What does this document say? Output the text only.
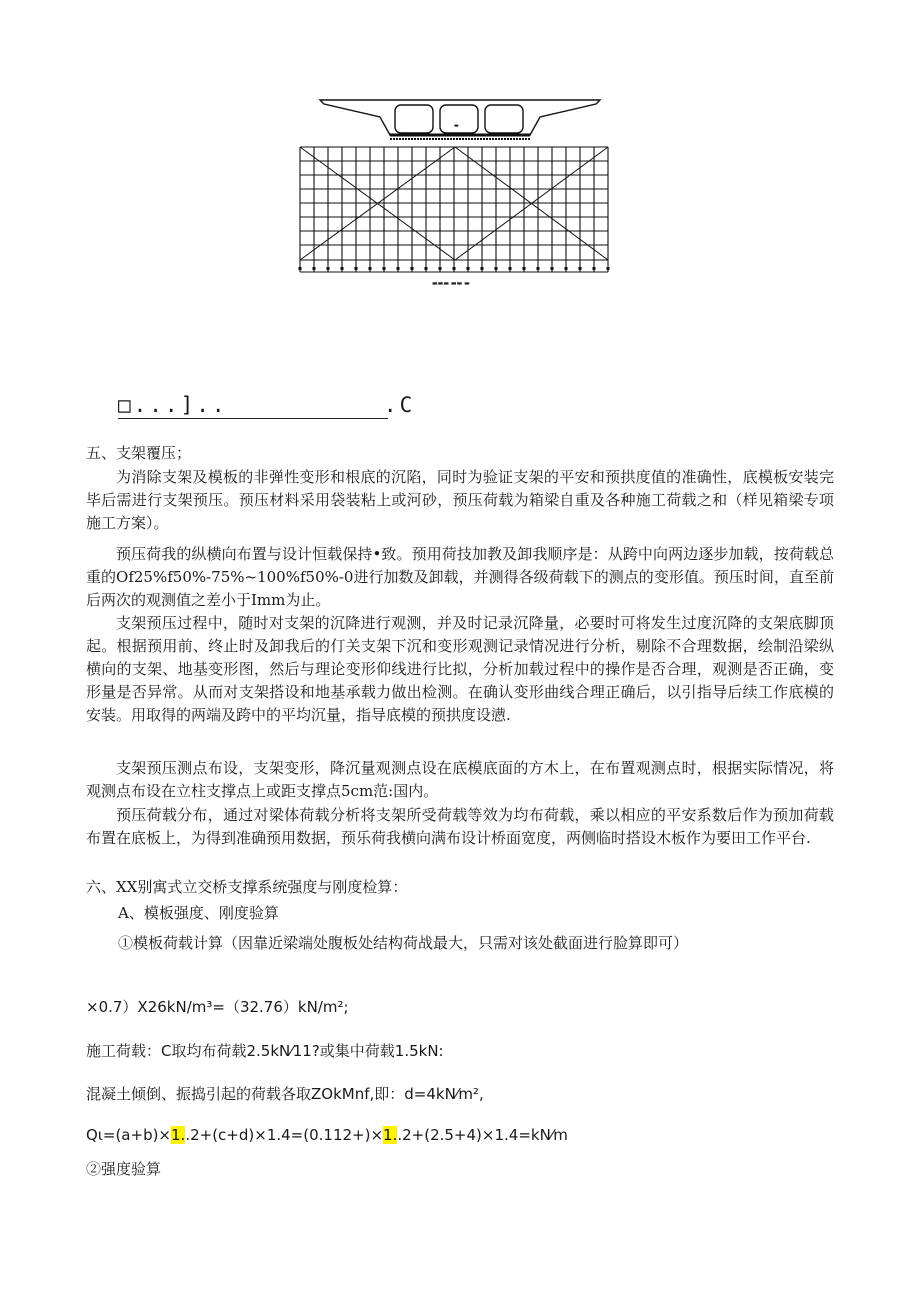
▬
▬▬▬ ▬▬ ▬
□...]..          .C
五、支架覆压；
为消除支架及模板的非弹性变形和根底的沉陷，同时为验证支架的平安和预拱度值的准确性，底模板安装完毕后需进行支架预压。预压材料采用袋装粘上或河砂，预压荷载为箱梁自重及各种施工荷载之和（样见箱梁专项施工方案）。
预压荷我的纵横向布置与设计恒载保持•致。预用荷技加教及卸我顺序是：从跨中向两边逐步加载，按荷载总重的Of25%f50%-75%~100%f50%-0进行加数及卸载，并测得各级荷载下的测点的变形值。预压时间，直至前后两次的观测值之差小于Imm为止。
支架预压过程中，随时对支架的沉降进行观测，并及时记录沉降量，必要时可将发生过度沉降的支架底脚顶起。根据预用前、终止时及卸我后的仃关支架下沉和变形观测记录情况进行分析，剔除不合理数据，绘制沿梁纵横向的支架、地基变形图，然后与理论变形仰线进行比拟，分析加载过程中的操作是否合理，观测是否正确，变形量是否异常。从而对支架搭设和地基承载力做出检测。在确认变形曲线合理正确后，以引指导后续工作底模的安装。用取得的两端及跨中的平均沉量，指导底模的预拱度设懑.
支架预压测点布设，支架变形，降沉量观测点设在底模底面的方木上，在布置观测点时，根据实际情况，将观测点布设在立柱支撑点上或距支撑点5cm范:国内。
预压荷载分布，通过对梁体荷载分析将支架所受荷载等效为均布荷载，乘以相应的平安系数后作为预加荷载布置在底板上，为得到准确预用数据，预乐荷我横向满布设计桥面宽度，两侧临时搭设木板作为要田工作平台.
六、XX别寓式立交桥支撑系统强度与刚度检算：
A、模板强度、刚度验算
①模板荷载计算（因靠近梁端处腹板处结构荷战最大，只需对该处截面进行脸算即可）
×0.7）X26kN/m³=（32.76）kN/m²;
施工荷载：C取均布荷载2.5kN⁄11?或集中荷载1.5kN:
混凝土倾倒、振捣引起的荷载各取ZOkMnf,即：d=4kN⁄m²,
Qι=(a+b)×1..2+(c+d)×1.4=(0.112+)×1..2+(2.5+4)×1.4=kN⁄m
②强度验算
